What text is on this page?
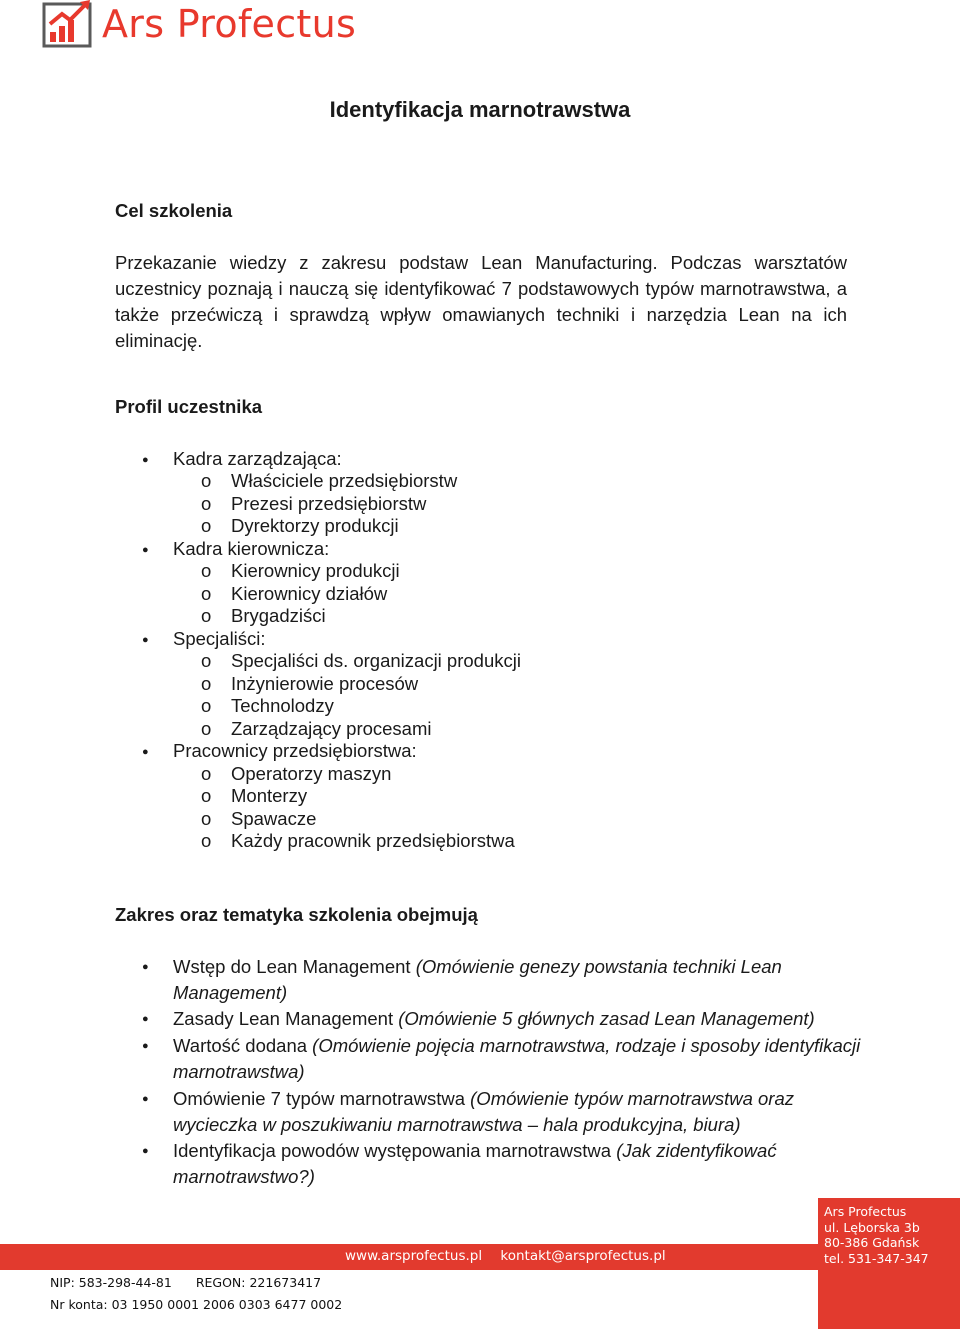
Ars Profectus
Identyfikacja marnotrawstwa
Cel szkolenia
Przekazanie wiedzy z zakresu podstaw Lean Manufacturing. Podczas warsztatów uczestnicy poznają i nauczą się identyfikować 7 podstawowych typów marnotrawstwa, a także przećwiczą i sprawdzą wpływ omawianych techniki i narzędzia Lean na ich eliminację.
Profil uczestnika
● Kadra zarządzająca:
o Właściciele przedsiębiorstw
o Prezesi przedsiębiorstw
o Dyrektorzy produkcji
● Kadra kierownicza:
o Kierownicy produkcji
o Kierownicy działów
o Brygadziści
● Specjaliści:
o Specjaliści ds. organizacji produkcji
o Inżynierowie procesów
o Technolodzy
o Zarządzający procesami
● Pracownicy przedsiębiorstwa:
o Operatorzy maszyn
o Monterzy
o Spawacze
o Każdy pracownik przedsiębiorstwa
Zakres oraz tematyka szkolenia obejmują
● Wstęp do Lean Management (Omówienie genezy powstania techniki Lean Management)
● Zasady Lean Management (Omówienie 5 głównych zasad Lean Management)
● Wartość dodana (Omówienie pojęcia marnotrawstwa, rodzaje i sposoby identyfikacji marnotrawstwa)
● Omówienie 7 typów marnotrawstwa (Omówienie typów marnotrawstwa oraz wycieczka w poszukiwaniu marnotrawstwa – hala produkcyjna, biura)
● Identyfikacja powodów występowania marnotrawstwa (Jak zidentyfikować marnotrawstwo?)
www.arsprofectus.pl kontakt@arsprofectus.pl
Ars Profectus
ul. Lęborska 3b
80-386 Gdańsk
tel. 531-347-347
NIP: 583-298-44-81 REGON: 221673417
Nr konta: 03 1950 0001 2006 0303 6477 0002
